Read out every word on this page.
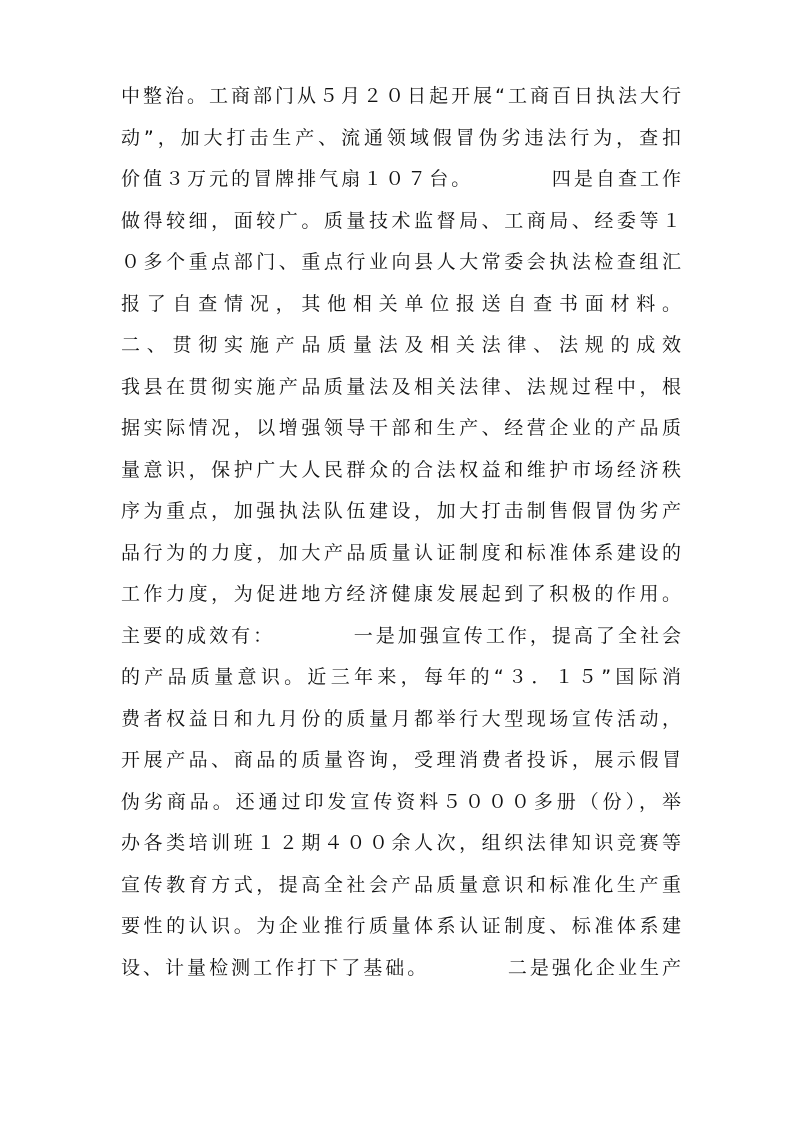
中整治。工商部门从５月２０日起开展“工商百日执法大行
动”，加大打击生产、流通领域假冒伪劣违法行为，查扣
价值３万元的冒牌排气扇１０７台。　　　　四是自查工作
做得较细，面较广。质量技术监督局、工商局、经委等１
０多个重点部门、重点行业向县人大常委会执法检查组汇
报了自查情况，其他相关单位报送自查书面材料。
二、贯彻实施产品质量法及相关法律、法规的成效
我县在贯彻实施产品质量法及相关法律、法规过程中，根
据实际情况，以增强领导干部和生产、经营企业的产品质
量意识，保护广大人民群众的合法权益和维护市场经济秩
序为重点，加强执法队伍建设，加大打击制售假冒伪劣产
品行为的力度，加大产品质量认证制度和标准体系建设的
工作力度，为促进地方经济健康发展起到了积极的作用。
主要的成效有：　　　　一是加强宣传工作，提高了全社会
的产品质量意识。近三年来，每年的“３．１５”国际消
费者权益日和九月份的质量月都举行大型现场宣传活动，
开展产品、商品的质量咨询，受理消费者投诉，展示假冒
伪劣商品。还通过印发宣传资料５０００多册（份），举
办各类培训班１２期４００余人次，组织法律知识竞赛等
宣传教育方式，提高全社会产品质量意识和标准化生产重
要性的认识。为企业推行质量体系认证制度、标准体系建
设、计量检测工作打下了基础。　　　　二是强化企业生产
